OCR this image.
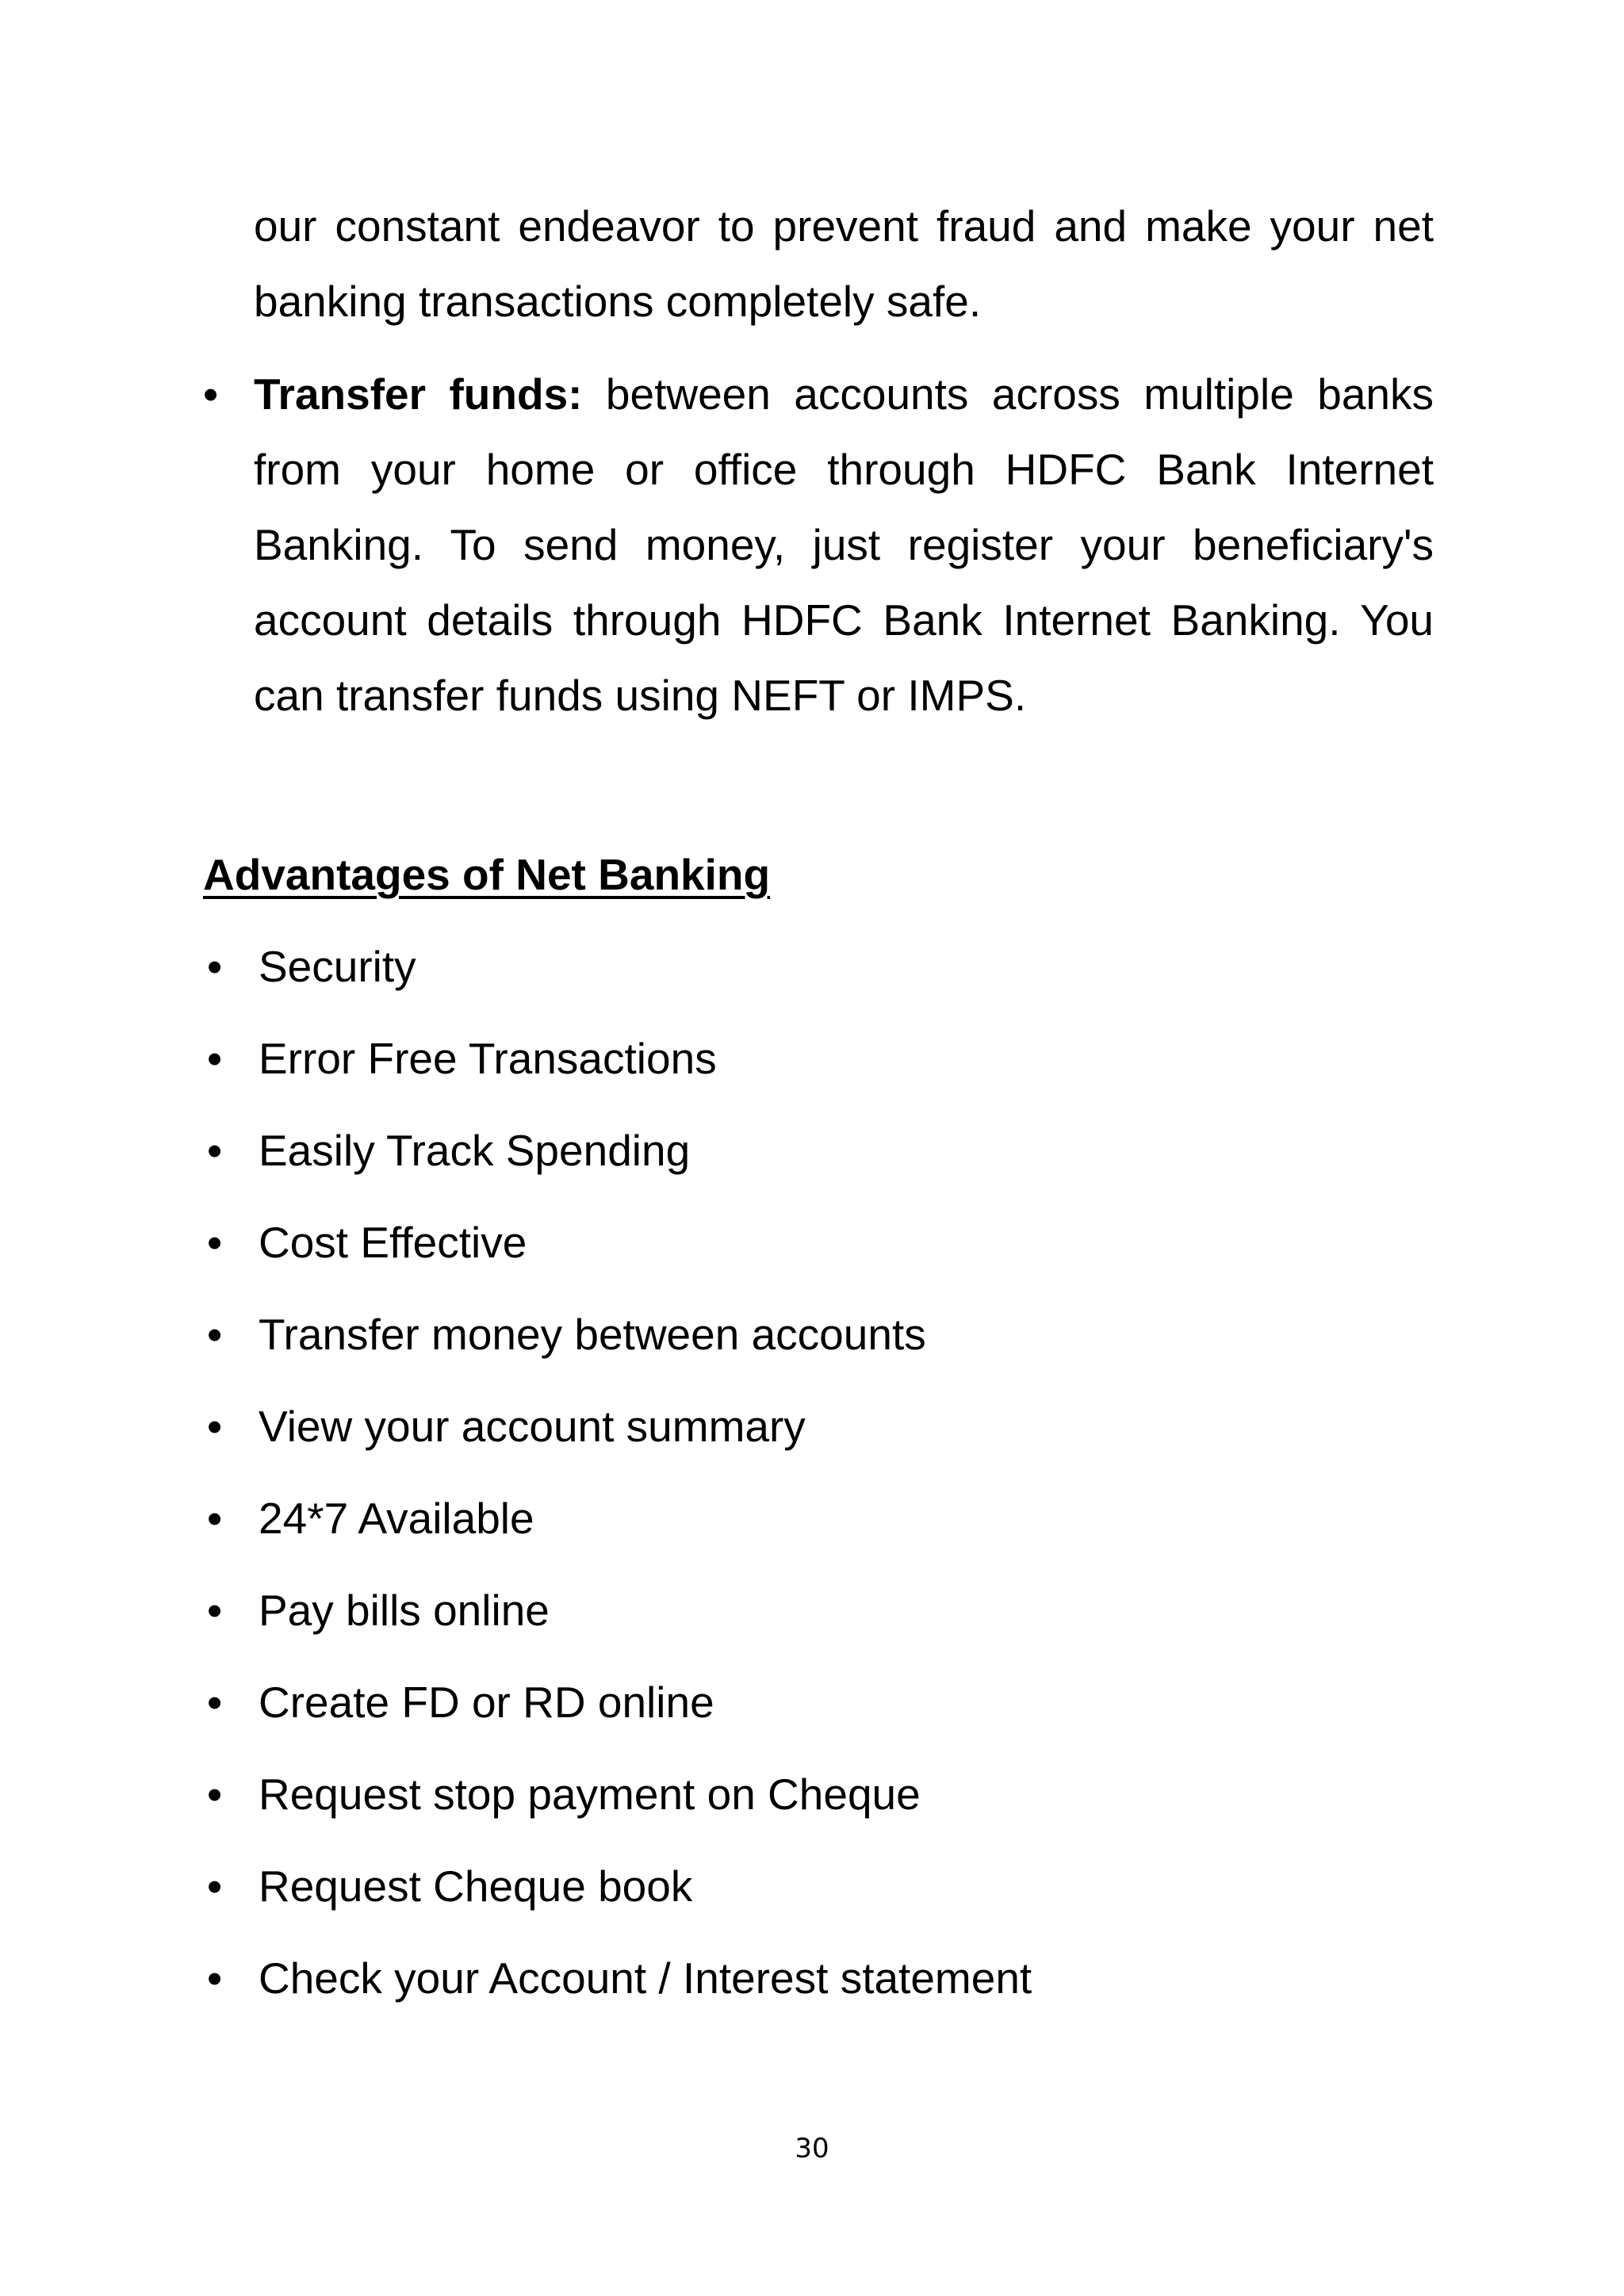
our constant endeavor to prevent fraud and make your net
banking transactions completely safe.

• Transfer funds: between accounts across multiple banks from your home or office through HDFC Bank Internet Banking. To send money, just register your beneficiary's account details through HDFC Bank Internet Banking. You can transfer funds using NEFT or IMPS.
Advantages of Net Banking
• Security
• Error Free Transactions
• Easily Track Spending
• Cost Effective
• Transfer money between accounts
• View your account summary
• 24*7 Available
• Pay bills online
• Create FD or RD online
• Request stop payment on Cheque
• Request Cheque book
• Check your Account / Interest statement
30
